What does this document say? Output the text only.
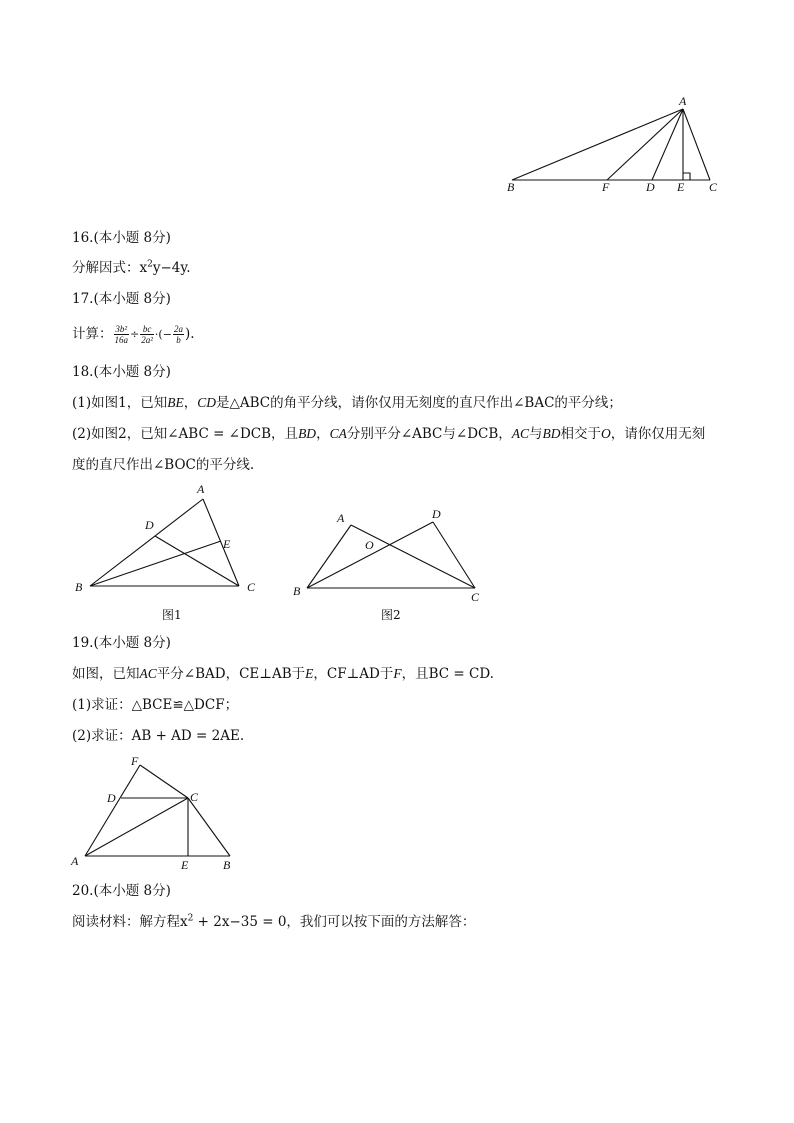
A
B	F	D E C
16.(本小题 8分)
分解因式：$x^2y-4y$.
17.(本小题 8分)
计算： $\frac{\text{3b²}}{16a} \div \frac{bc}{\text{2a²}}$ ·(− $\frac{2a}{b}$ ).
18.(本小题 8分)
(1)如图1，已知BE，CD是△ABC的角平分线，请你仅用无刻度的直尺作出∠BAC的平分线；
(2)如图2，已知∠ABC = ∠DCB，且BD，CA分别平分∠ABC与∠DCB，AC与BD相交于O，请你仅用无刻
度的直尺作出∠BOC的平分线.
A
D
E
B	C
图1
A	D
O
B	C
图2
19.(本小题 8分)
如图，已知AC平分∠BAD，CE⊥AB于E，CF⊥AD于F，且BC = CD.
(1)求证：△BCE≌△DCF；
(2)求证：AB + AD = 2AE.
F
D	C
A	E	B
20.(本小题 8分)
阅读材料：解方程$x^2 + 2x-35 = 0$，我们可以按下面的方法解答：
